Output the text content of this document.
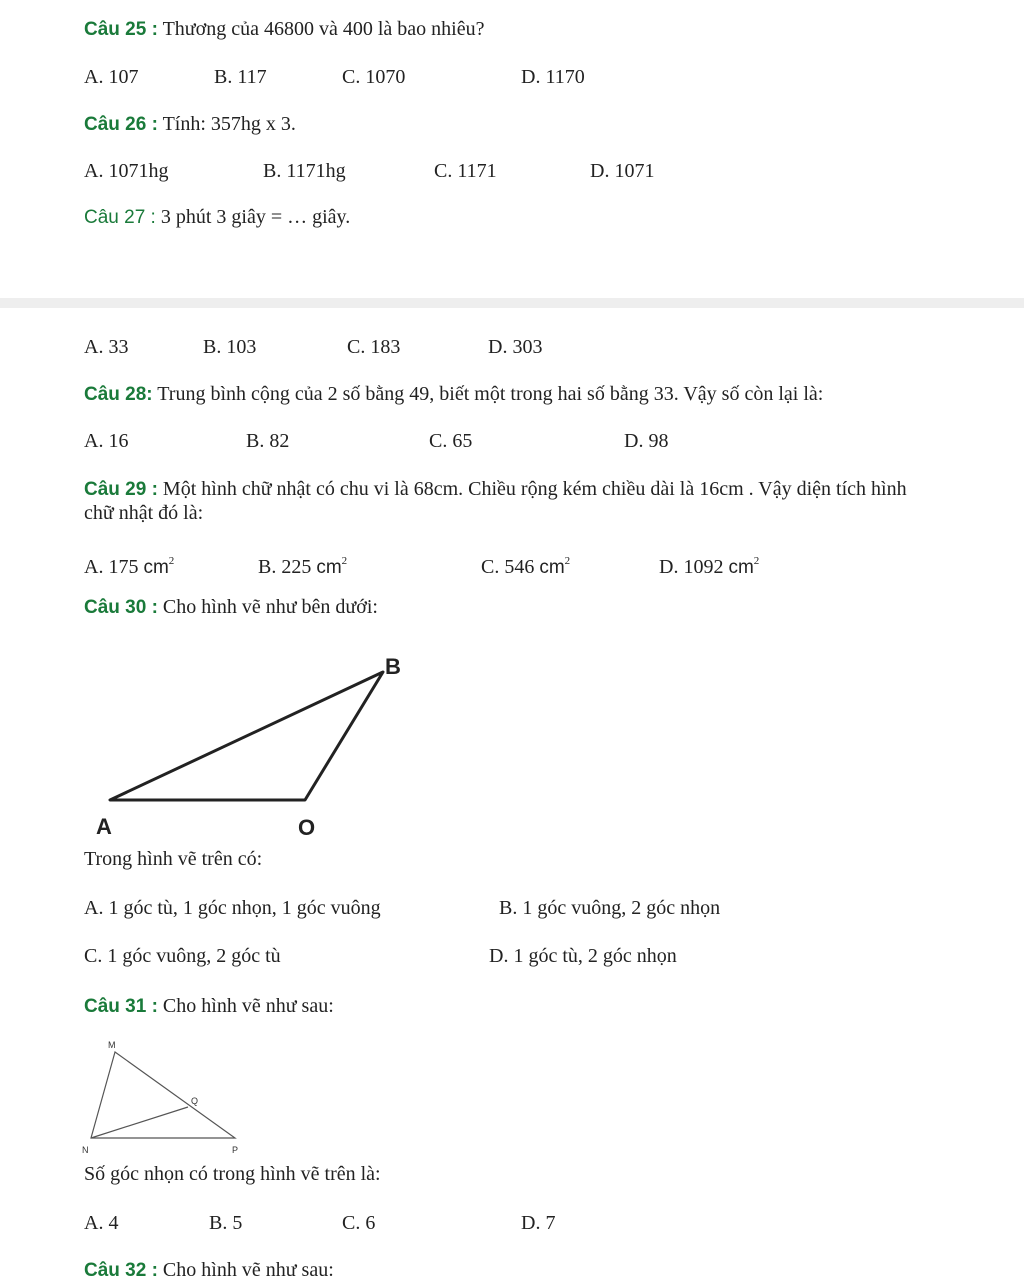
Câu 25 : Thương của 46800 và 400 là bao nhiêu?
A. 107	B. 117	C. 1070	D. 1170
Câu 26 : Tính: 357hg x 3.
A. 1071hg	B. 1171hg	C. 1171	D. 1071
Câu 27 : 3 phút 3 giây = … giây.
A. 33	B. 103	C. 183	D. 303
Câu 28: Trung bình cộng của 2 số bằng 49, biết một trong hai số bằng 33. Vậy số còn lại là:
A. 16	B. 82	C. 65	D. 98
Câu 29 : Một hình chữ nhật có chu vi là 68cm. Chiều rộng kém chiều dài là 16cm . Vậy diện tích hình
chữ nhật đó là:
A. 175 $cm^2$	B. 225 $cm^2$	C. 546 $cm^2$	D. 1092 $cm^2$
Câu 30 : Cho hình vẽ như bên dưới:
B
A	O
Trong hình vẽ trên có:
A. 1 góc tù, 1 góc nhọn, 1 góc vuông	B. 1 góc vuông, 2 góc nhọn
C. 1 góc vuông, 2 góc tù	D. 1 góc tù, 2 góc nhọn
Câu 31 : Cho hình vẽ như sau:
M
Q
N	P
Số góc nhọn có trong hình vẽ trên là:
A. 4	B. 5	C. 6	D. 7
Câu 32 : Cho hình vẽ như sau:
